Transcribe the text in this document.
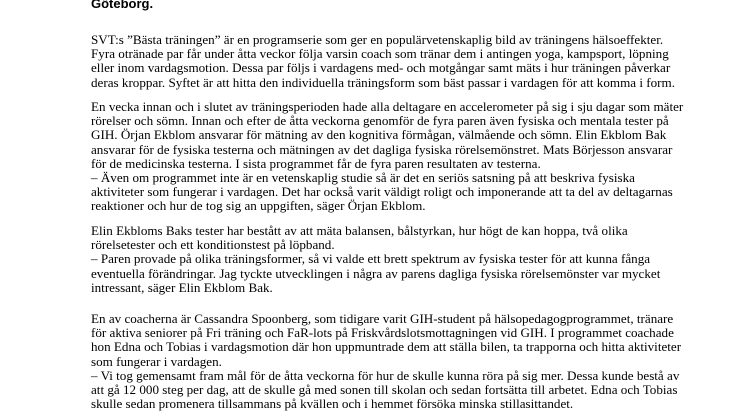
Göteborg.

SVT:s ”Bästa träningen” är en programserie som ger en populärvetenskaplig bild av träningens hälsoeffekter.
Fyra otränade par får under åtta veckor följa varsin coach som tränar dem i antingen yoga, kampsport, löpning
eller inom vardagsmotion. Dessa par följs i vardagens med- och motgångar samt mäts i hur träningen påverkar
deras kroppar. Syftet är att hitta den individuella träningsform som bäst passar i vardagen för att komma i form.

En vecka innan och i slutet av träningsperioden hade alla deltagare en accelerometer på sig i sju dagar som mäter
rörelser och sömn. Innan och efter de åtta veckorna genomför de fyra paren även fysiska och mentala tester på
GIH. Örjan Ekblom ansvarar för mätning av den kognitiva förmågan, välmående och sömn. Elin Ekblom Bak
ansvarar för de fysiska testerna och mätningen av det dagliga fysiska rörelsemönstret. Mats Börjesson ansvarar
för de medicinska testerna. I sista programmet får de fyra paren resultaten av testerna.
– Även om programmet inte är en vetenskaplig studie så är det en seriös satsning på att beskriva fysiska
aktiviteter som fungerar i vardagen. Det har också varit väldigt roligt och imponerande att ta del av deltagarnas
reaktioner och hur de tog sig an uppgiften, säger Örjan Ekblom.

Elin Ekbloms Baks tester har bestått av att mäta balansen, bålstyrkan, hur högt de kan hoppa, två olika
rörelsetester och ett konditionstest på löpband.
– Paren provade på olika träningsformer, så vi valde ett brett spektrum av fysiska tester för att kunna fånga
eventuella förändringar. Jag tyckte utvecklingen i några av parens dagliga fysiska rörelsemönster var mycket
intressant, säger Elin Ekblom Bak.

En av coacherna är Cassandra Spoonberg, som tidigare varit GIH-student på hälsopedagogprogrammet, tränare
för aktiva seniorer på Fri träning och FaR-lots på Friskvårdslotsmottagningen vid GIH. I programmet coachade
hon Edna och Tobias i vardagsmotion där hon uppmuntrade dem att ställa bilen, ta trapporna och hitta aktiviteter
som fungerar i vardagen.
– Vi tog gemensamt fram mål för de åtta veckorna för hur de skulle kunna röra på sig mer. Dessa kunde bestå av
att gå 12 000 steg per dag, att de skulle gå med sonen till skolan och sedan fortsätta till arbetet. Edna och Tobias
skulle sedan promenera tillsammans på kvällen och i hemmet försöka minska stillasittandet.
